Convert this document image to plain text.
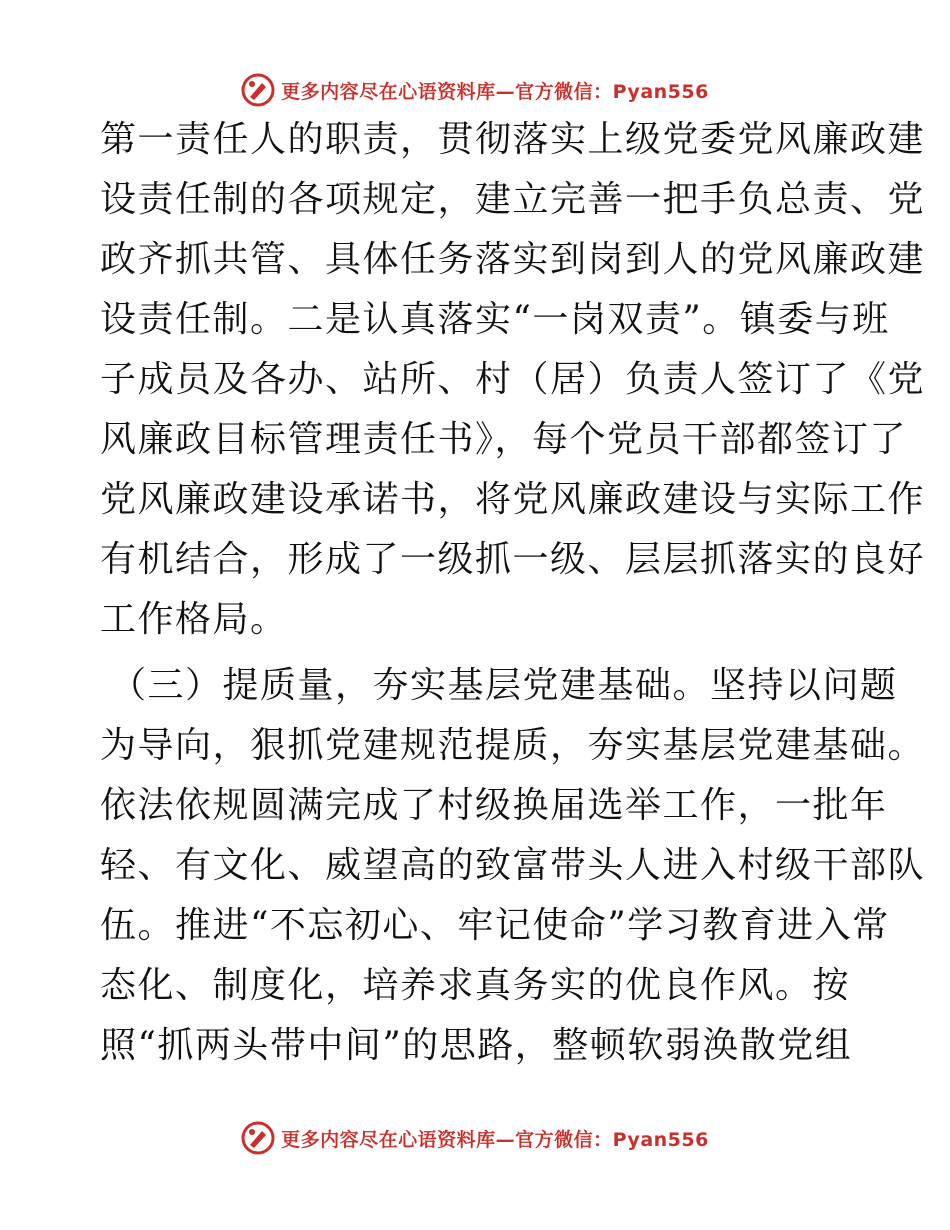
更多内容尽在心语资料库—官方微信：Pyan556
第一责任人的职责，贯彻落实上级党委党风廉政建
设责任制的各项规定，建立完善一把手负总责、党
政齐抓共管、具体任务落实到岗到人的党风廉政建
设责任制。二是认真落实“一岗双责”。镇委与班
子成员及各办、站所、村（居）负责人签订了《党
风廉政目标管理责任书》，每个党员干部都签订了
党风廉政建设承诺书，将党风廉政建设与实际工作
有机结合，形成了一级抓一级、层层抓落实的良好
工作格局。
（三）提质量，夯实基层党建基础。坚持以问题
为导向，狠抓党建规范提质，夯实基层党建基础。
依法依规圆满完成了村级换届选举工作，一批年
轻、有文化、威望高的致富带头人进入村级干部队
伍。推进“不忘初心、牢记使命”学习教育进入常
态化、制度化，培养求真务实的优良作风。按
照“抓两头带中间”的思路，整顿软弱涣散党组
更多内容尽在心语资料库—官方微信：Pyan556
